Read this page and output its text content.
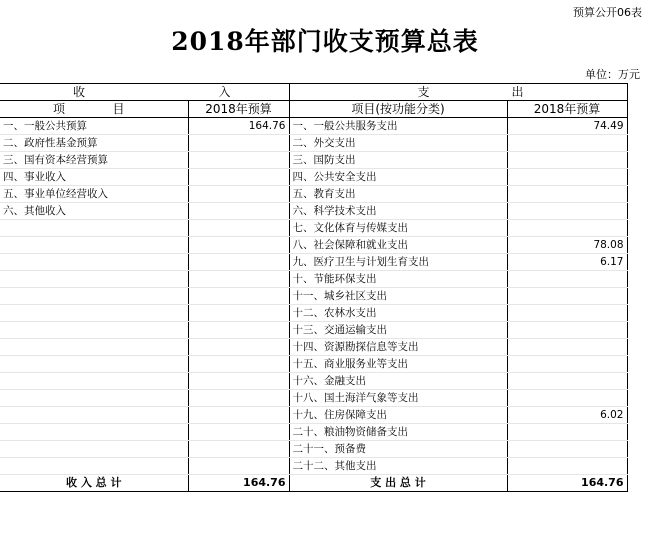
预算公开06表
2018年部门收支预算总表
单位：万元
收 入		支 出	

项 目	2018年预算	项目(按功能分类)	2018年预算
一、一般公共预算	164.76	一、一般公共服务支出	74.49
二、政府性基金预算		二、外交支出	
三、国有资本经营预算		三、国防支出	
四、事业收入		四、公共安全支出	
五、事业单位经营收入		五、教育支出	
六、其他收入		六、科学技术支出	
		七、文化体育与传媒支出	
		八、社会保障和就业支出	78.08
		九、医疗卫生与计划生育支出	6.17
		十、节能环保支出	
		十一、城乡社区支出	
		十二、农林水支出	
		十三、交通运输支出	
		十四、资源勘探信息等支出	
		十五、商业服务业等支出	
		十六、金融支出	
		十八、国土海洋气象等支出	
		十九、住房保障支出	6.02
		二十、粮油物资储备支出	
		二十一、预备费	
		二十二、其他支出	
收 入 总 计	164.76	支 出 总 计	164.76
